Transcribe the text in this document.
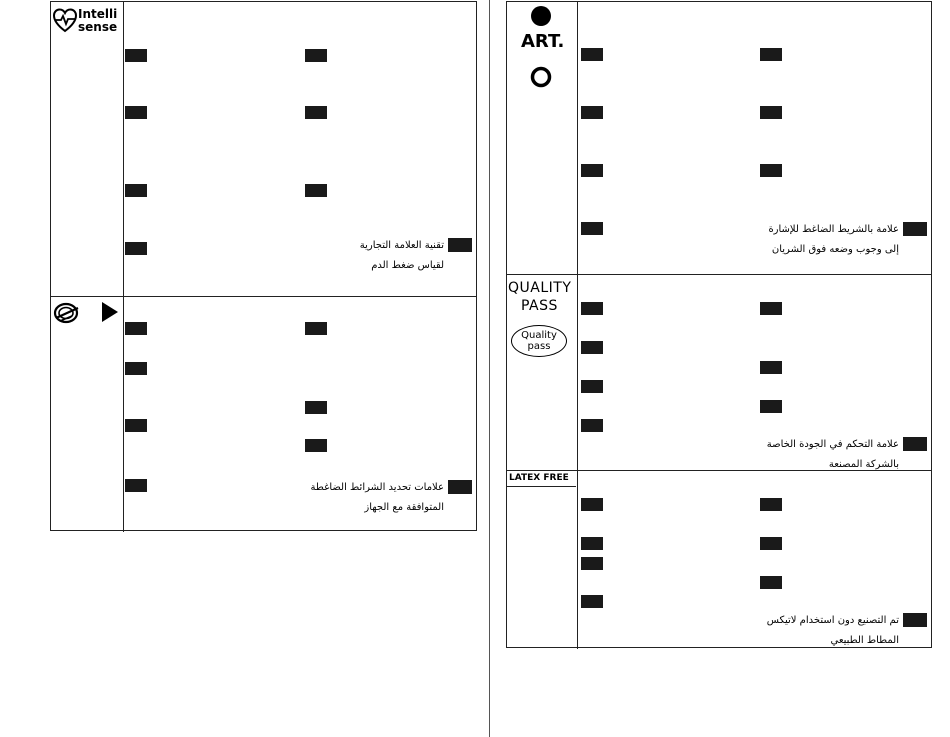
Intelli
sense
تقنية العلامة التجارية
لقياس ضغط الدم
علامات تحديد الشرائط الضاغطة
المتوافقة مع الجهاز
ART.
علامة بالشريط الضاغط للإشارة
إلى وجوب وضعه فوق الشريان
QUALITY
PASS
Quality
pass
علامة التحكم في الجودة الخاصة
بالشركة المصنعة
LATEX FREE
تم التصنيع دون استخدام لاتيكس
المطاط الطبيعي
